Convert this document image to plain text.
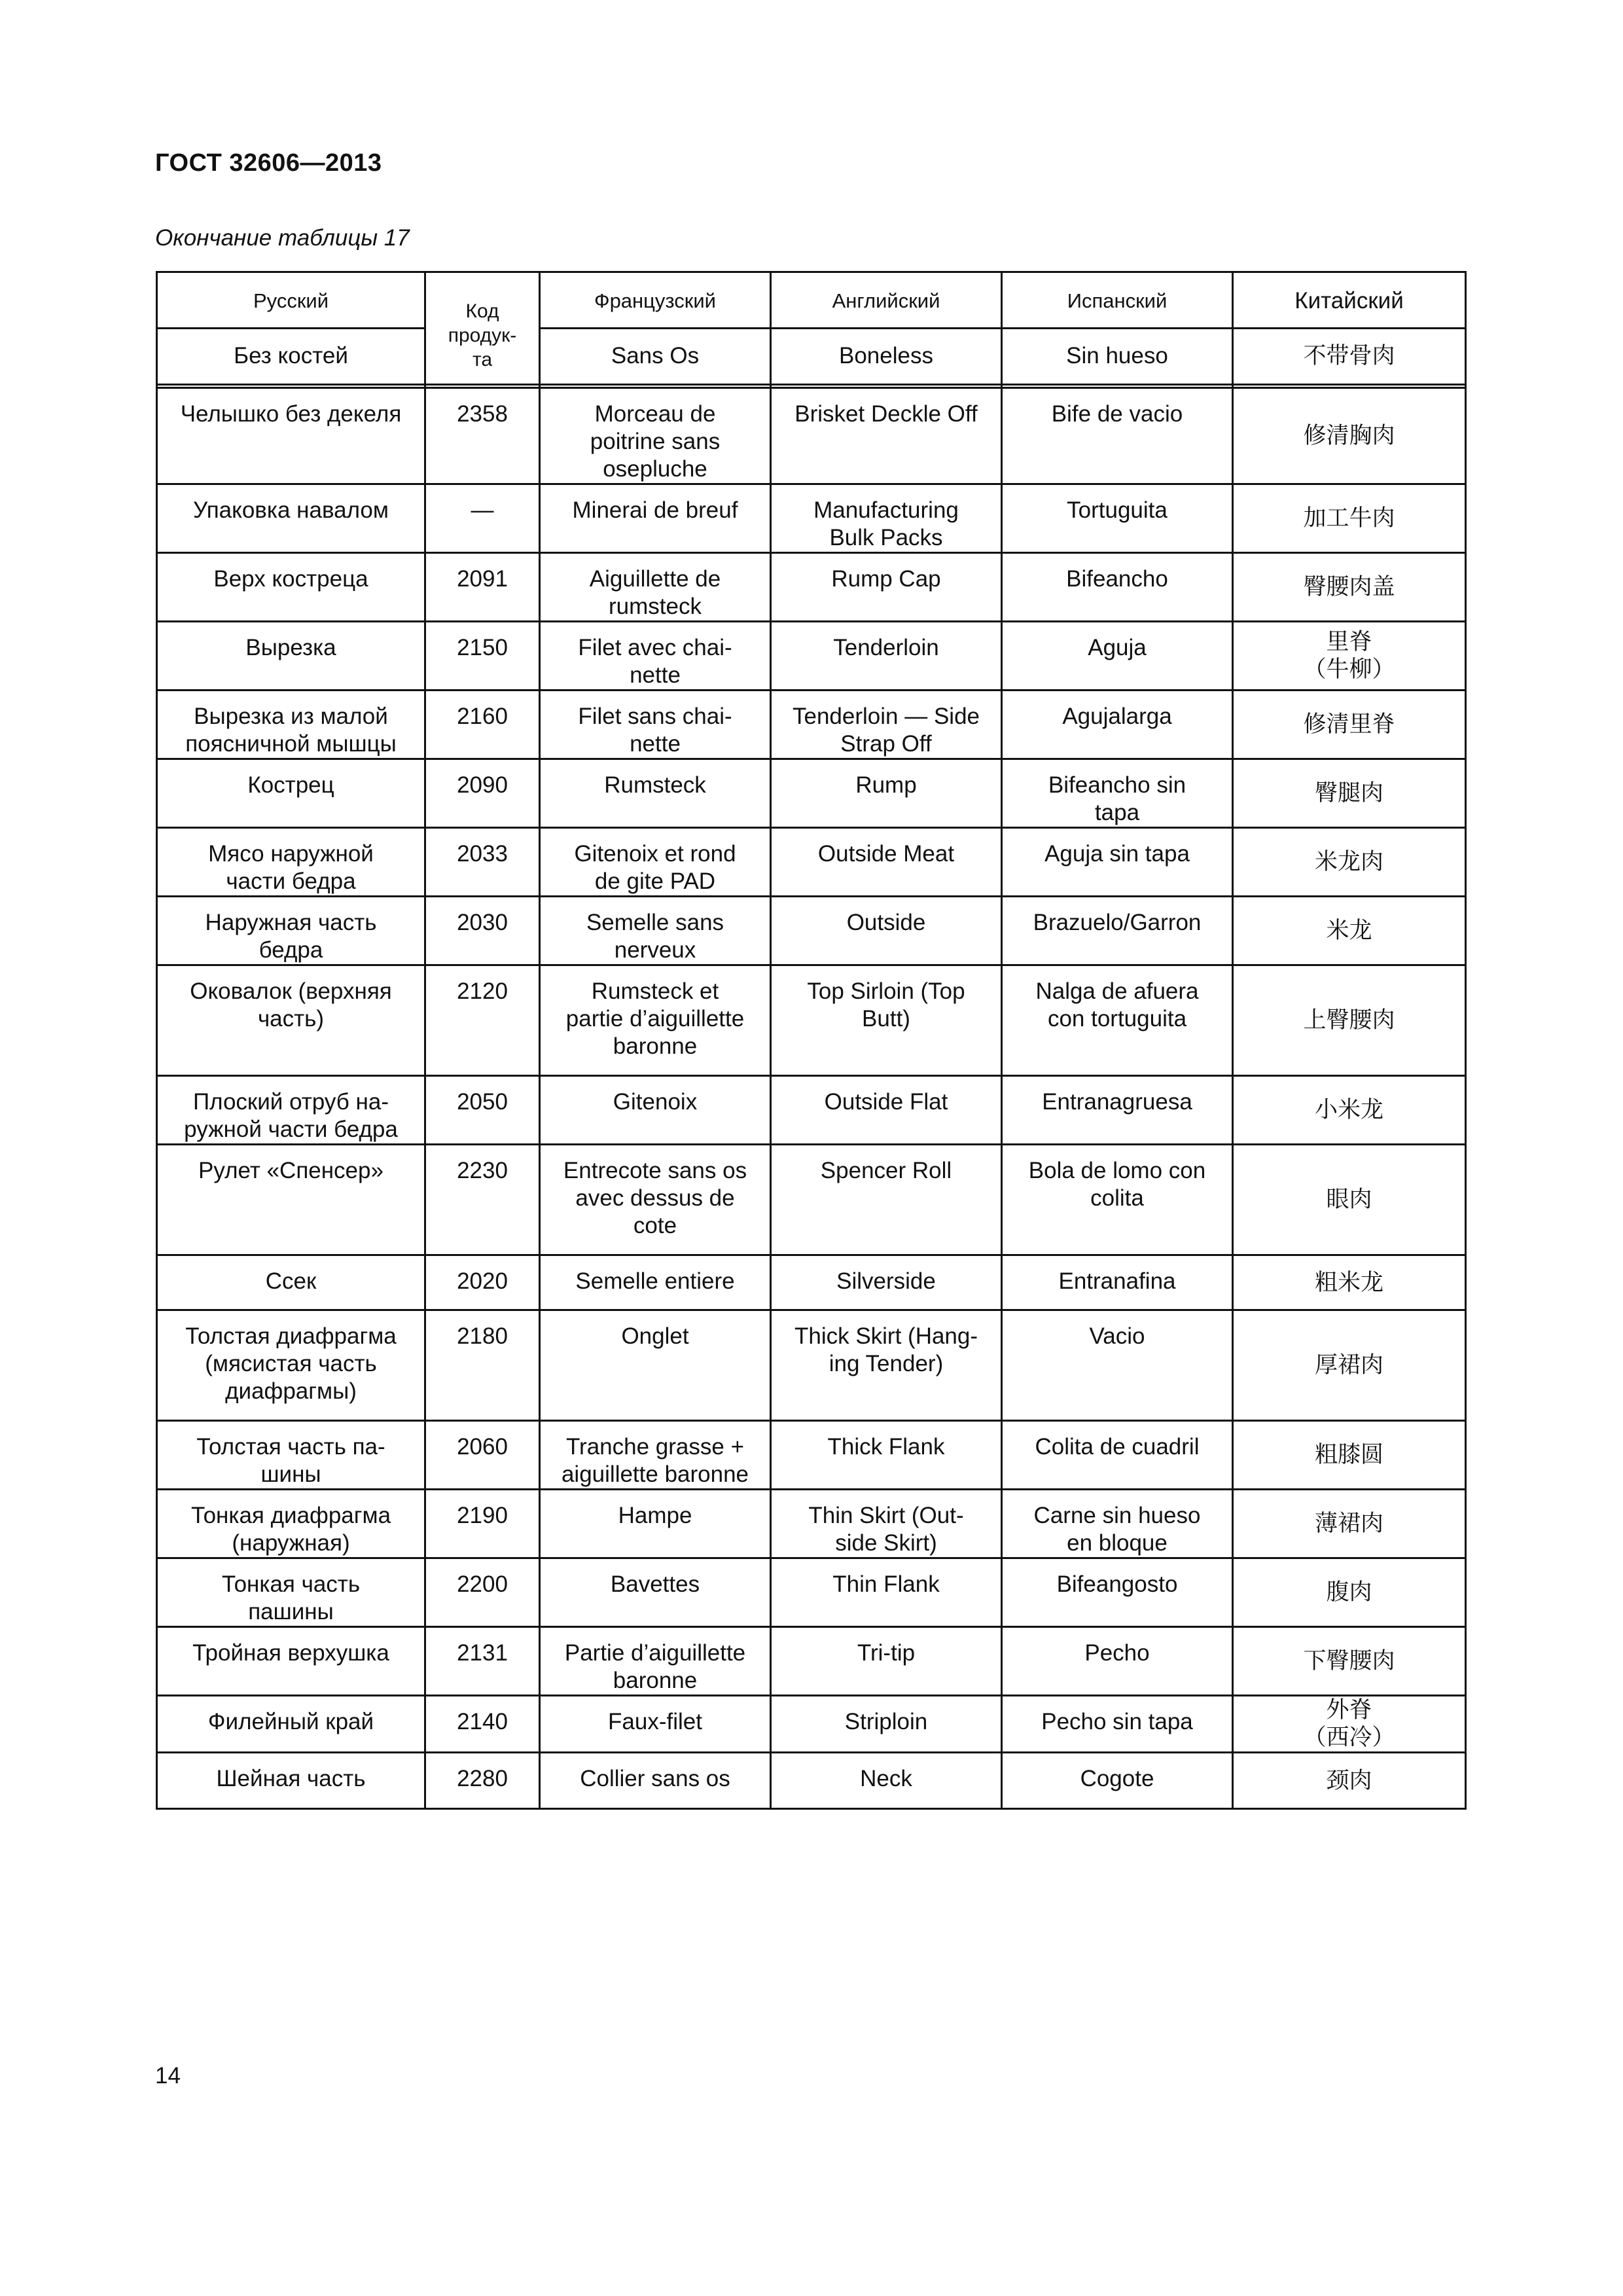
ГОСТ 32606—2013
Окончание таблицы 17
Русский	Код продук-
та	Французский	Английский	Испанский	Китайский
Без костей		Sans Os	Boneless	Sin hueso	不带骨肉

Челышко без декеля	2358	Morceau de
poitrine sans
osepluche	Brisket Deckle Off	Bife de vacio	修清胸肉
Упаковка навалом	—	Minerai de breuf	Manufacturing
Bulk Packs	Tortuguita	加工牛肉
Верх кострeца	2091	Aiguillette de
rumsteck	Rump Cap	Bifeancho	臀腰肉盖
Вырезка	2150	Filet avec chai-
nette	Tenderloin	Aguja	里脊
（牛柳）
Вырезка из малой
поясничной мышцы	2160	Filet sans chai-
nette	Tenderloin — Side
Strap Off	Agujalarga	修清里脊
Кострец	2090	Rumsteck	Rump	Bifeancho sin
tapa	臀腿肉
Мясо наружной
части бедра	2033	Gitenoix et rond
de gite PAD	Outside Meat	Aguja sin tapa	米龙肉
Наружная часть
бедра	2030	Semelle sans
nerveux	Outside	Brazuelo/Garron	米龙
Оковалок (верхняя
часть)	2120	Rumsteck et
partie d’aiguillette
baronne	Top Sirloin (Top
Butt)	Nalga de afuera
con tortuguita	上臀腰肉
Плоский отруб на-
ружной части бедра	2050	Gitenoix	Outside Flat	Entranagruesa	小米龙
Рулет «Спенсер»	2230	Entrecote sans os
avec dessus de
cote	Spencer Roll	Bola de lomo con
colita	眼肉
Ссек	2020	Semelle entiere	Silverside	Entranafina	粗米龙
Толстая диафрагма
(мясистая часть
диафрагмы)	2180	Onglet	Thick Skirt (Hang-
ing Tender)	Vacio	厚裙肉
Толстая часть па-
шины	2060	Tranche grasse +
aiguillette baronne	Thick Flank	Colita de cuadril	粗膝圆
Тонкая диафрагма
(наружная)	2190	Hampe	Thin Skirt (Out-
side Skirt)	Carne sin hueso
en bloque	薄裙肉
Тонкая часть
пашины	2200	Bavettes	Thin Flank	Bifeangosto	腹肉
Тройная верхушка	2131	Partie d’aiguillette
baronne	Tri-tip	Pecho	下臀腰肉
Филейный край	2140	Faux-filet	Striploin	Pecho sin tapa	外脊
（西冷）
Шейная часть	2280	Collier sans os	Neck	Cogote	颈肉
14
